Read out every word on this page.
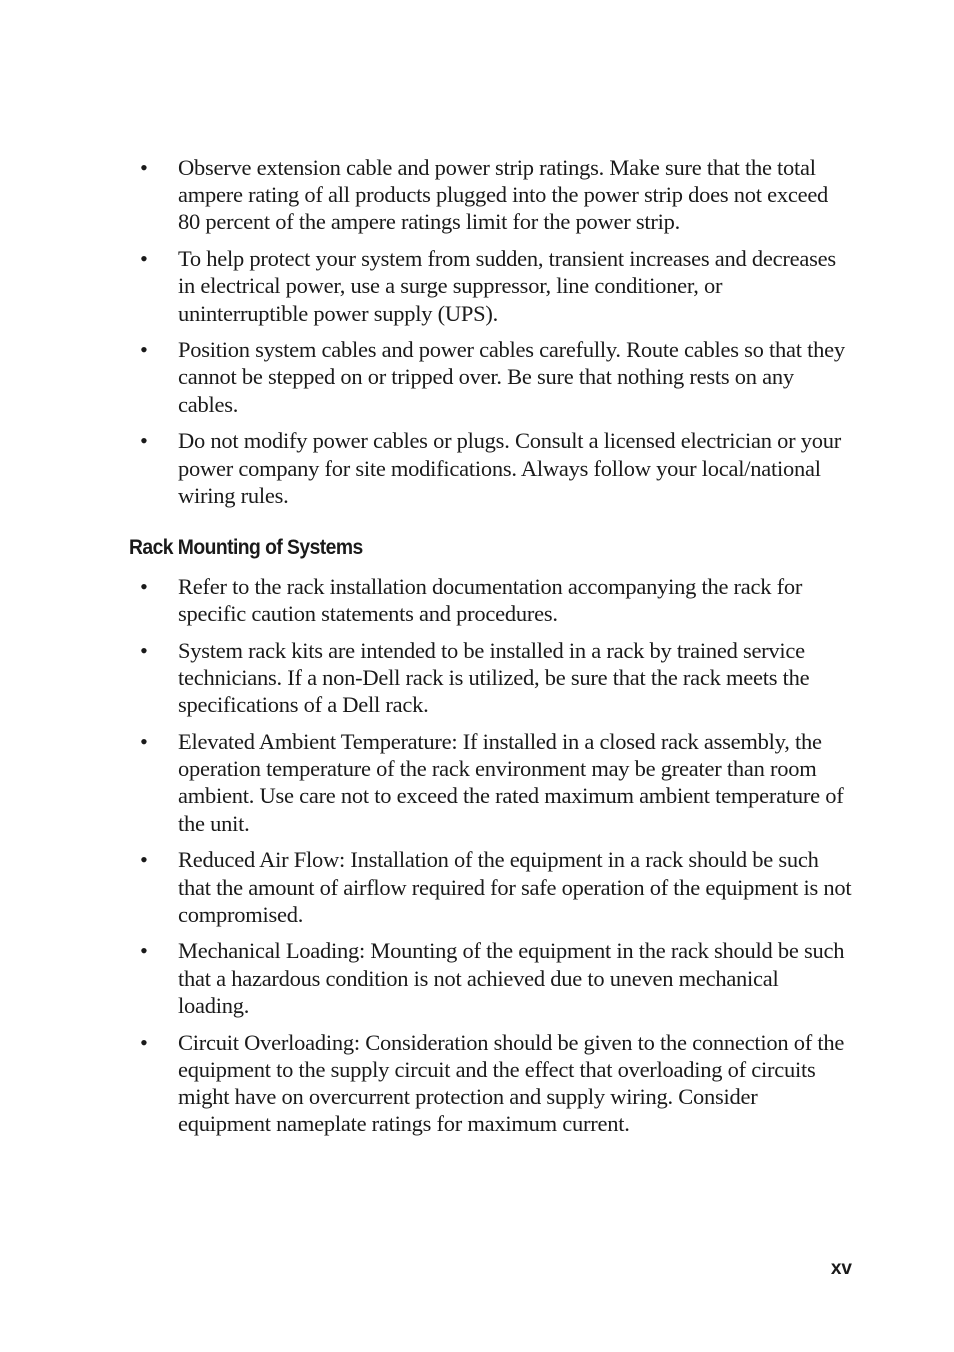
• Observe extension cable and power strip ratings. Make sure that the total ampere rating of all products plugged into the power strip does not exceed 80 percent of the ampere ratings limit for the power strip.
• To help protect your system from sudden, transient increases and decreases in electrical power, use a surge suppressor, line conditioner, or uninterruptible power supply (UPS).
• Position system cables and power cables carefully. Route cables so that they cannot be stepped on or tripped over. Be sure that nothing rests on any cables.
• Do not modify power cables or plugs. Consult a licensed electrician or your power company for site modifications. Always follow your local/national wiring rules.
Rack Mounting of Systems
• Refer to the rack installation documentation accompanying the rack for specific caution statements and procedures.
• System rack kits are intended to be installed in a rack by trained service technicians. If a non-Dell rack is utilized, be sure that the rack meets the specifications of a Dell rack.
• Elevated Ambient Temperature: If installed in a closed rack assembly, the operation temperature of the rack environment may be greater than room ambient. Use care not to exceed the rated maximum ambient temperature of the unit.
• Reduced Air Flow: Installation of the equipment in a rack should be such that the amount of airflow required for safe operation of the equipment is not compromised.
• Mechanical Loading: Mounting of the equipment in the rack should be such that a hazardous condition is not achieved due to uneven mechanical loading.
• Circuit Overloading: Consideration should be given to the connection of the equipment to the supply circuit and the effect that overloading of circuits might have on overcurrent protection and supply wiring. Consider equipment nameplate ratings for maximum current.
xv
